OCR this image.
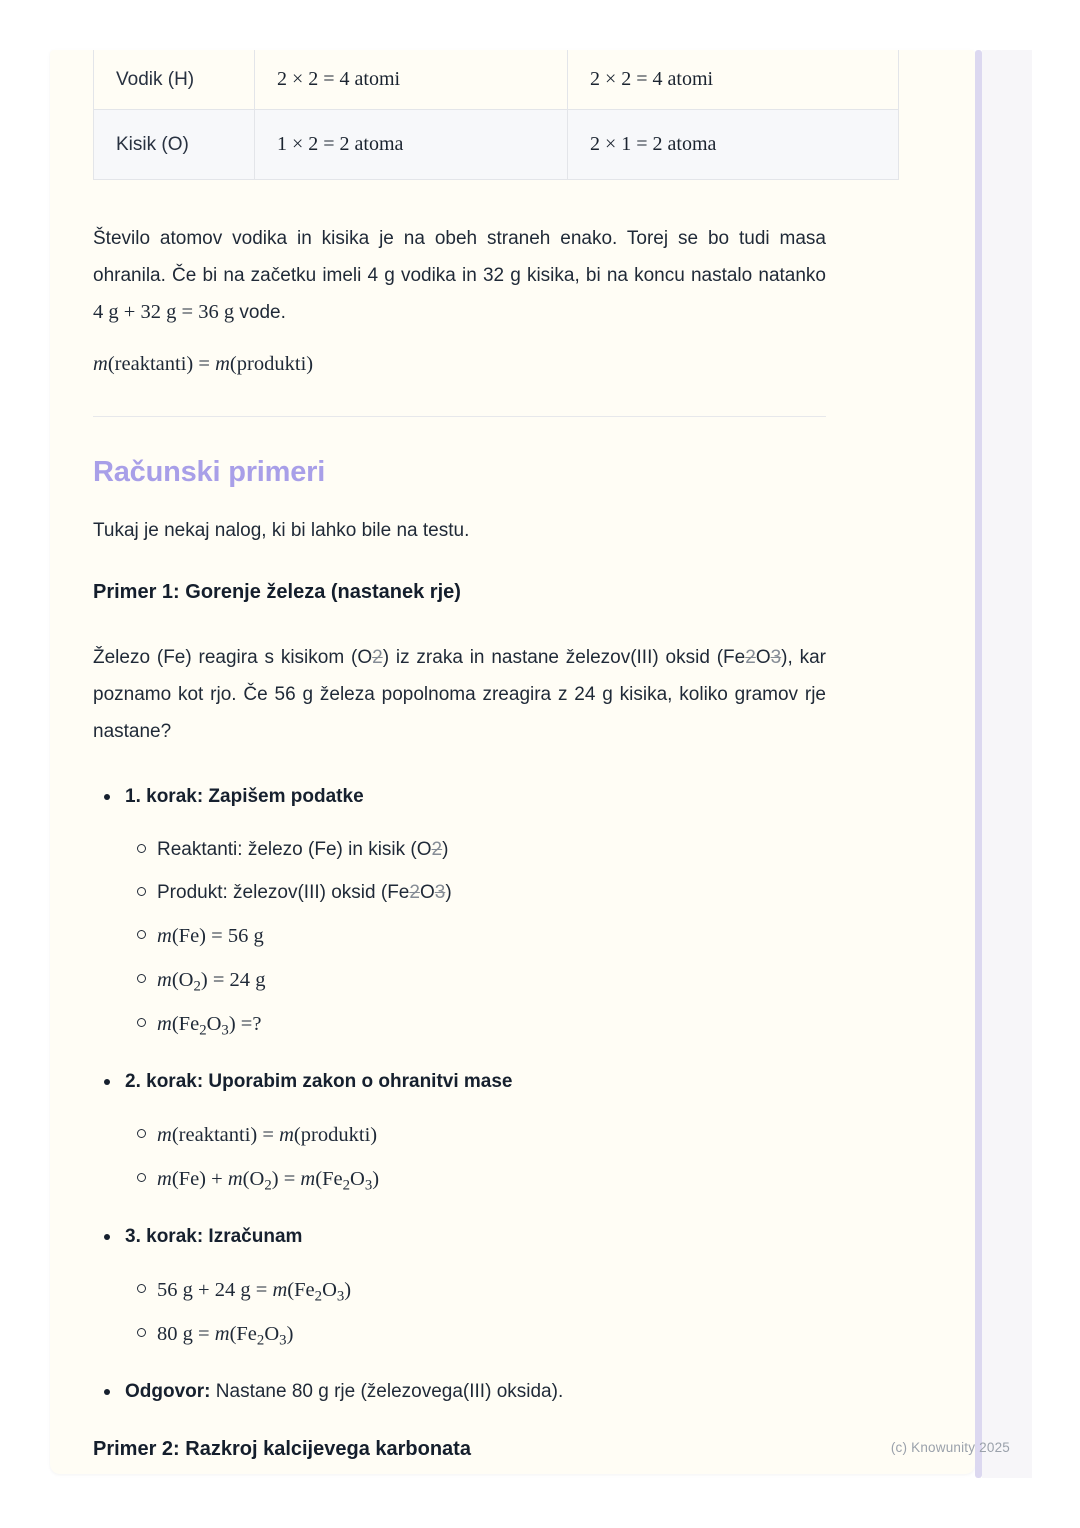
Vodik (H)	2 × 2 = 4 atomi	2 × 2 = 4 atomi
Kisik (O)	1 × 2 = 2 atoma	2 × 1 = 2 atoma

Število atomov vodika in kisika je na obeh straneh enako. Torej se bo tudi masa ohranila. Če bi na začetku imeli 4 g vodika in 32 g kisika, bi na koncu nastalo natanko 4 g + 32 g = 36 g vode.

m(reaktanti) = m(produkti)

Računski primeri

Tukaj je nekaj nalog, ki bi lahko bile na testu.

Primer 1: Gorenje železa (nastanek rje)

Železo (Fe) reagira s kisikom (O2) iz zraka in nastane železov(III) oksid (Fe2O3), kar poznamo kot rjo. Če 56 g železa popolnoma zreagira z 24 g kisika, koliko gramov rje nastane?

1. korak: Zapišem podatke
Reaktanti: železo (Fe) in kisik (O2)
Produkt: železov(III) oksid (Fe2O3)
m(Fe) = 56 g
$m(O_2) = 24$ g
$m(Fe_2O_3)$ =?
2. korak: Uporabim zakon o ohranitvi mase
m(reaktanti) = m(produkti)
$m(Fe) + m(O_2) = m(Fe_2O_3)$
3. korak: Izračunam
56 g + 24 $g = m(Fe_2O_3)$
80 $g = m(Fe_2O_3)$
Odgovor: Nastane 80 g rje (železovega(III) oksida).
Primer 2: Razkroj kalcijevega karbonata	(c) Knowunity 2025
